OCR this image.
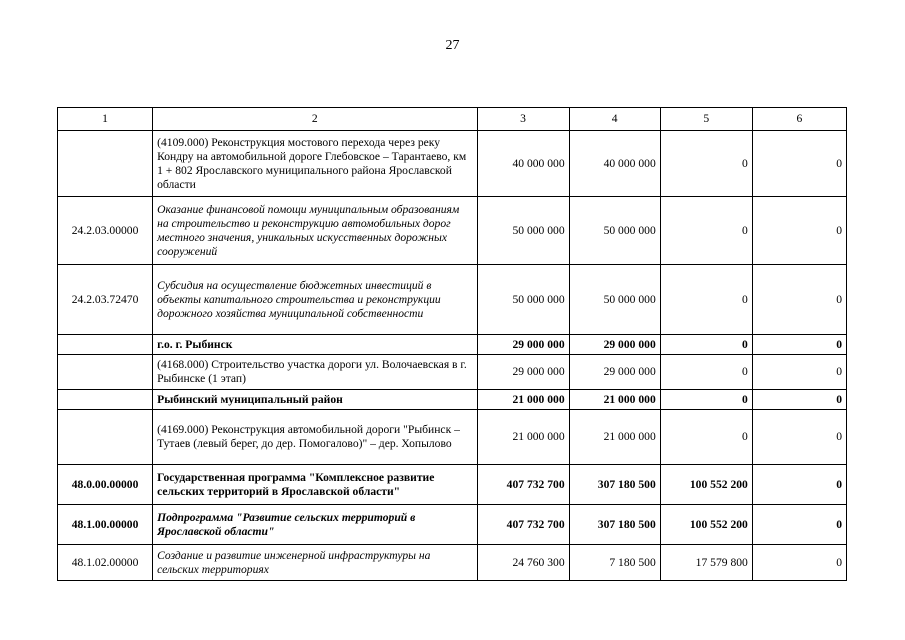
27
1	2	3	4	5	6
	(4109.000) Реконструкция мостового перехода через реку Кондру на автомобильной дороге Глебовское – Тарантаево, км 1 + 802 Ярославского муниципального района Ярославской области	40 000 000	40 000 000	0	0
24.2.03.00000	Оказание финансовой помощи муниципальным образованиям на строительство и реконструкцию автомобильных дорог местного значения, уникальных искусственных дорожных сооружений	50 000 000	50 000 000	0	0
24.2.03.72470	Субсидия на осуществление бюджетных инвестиций в объекты капитального строительства и реконструкции дорожного хозяйства муниципальной собственности	50 000 000	50 000 000	0	0
	г.о. г. Рыбинск	29 000 000	29 000 000	0	0
	(4168.000) Строительство участка дороги ул. Волочаевская в г. Рыбинске (1 этап)	29 000 000	29 000 000	0	0
	Рыбинский муниципальный район	21 000 000	21 000 000	0	0
	(4169.000) Реконструкция автомобильной дороги "Рыбинск – Тутаев (левый берег, до дер. Помогалово)" – дер. Хопылово	21 000 000	21 000 000	0	0
48.0.00.00000	Государственная программа "Комплексное развитие сельских территорий в Ярославской области"	407 732 700	307 180 500	100 552 200	0
48.1.00.00000	Подпрограмма "Развитие сельских территорий в Ярославской области"	407 732 700	307 180 500	100 552 200	0
48.1.02.00000	Создание и развитие инженерной инфраструктуры на сельских территориях	24 760 300	7 180 500	17 579 800	0
